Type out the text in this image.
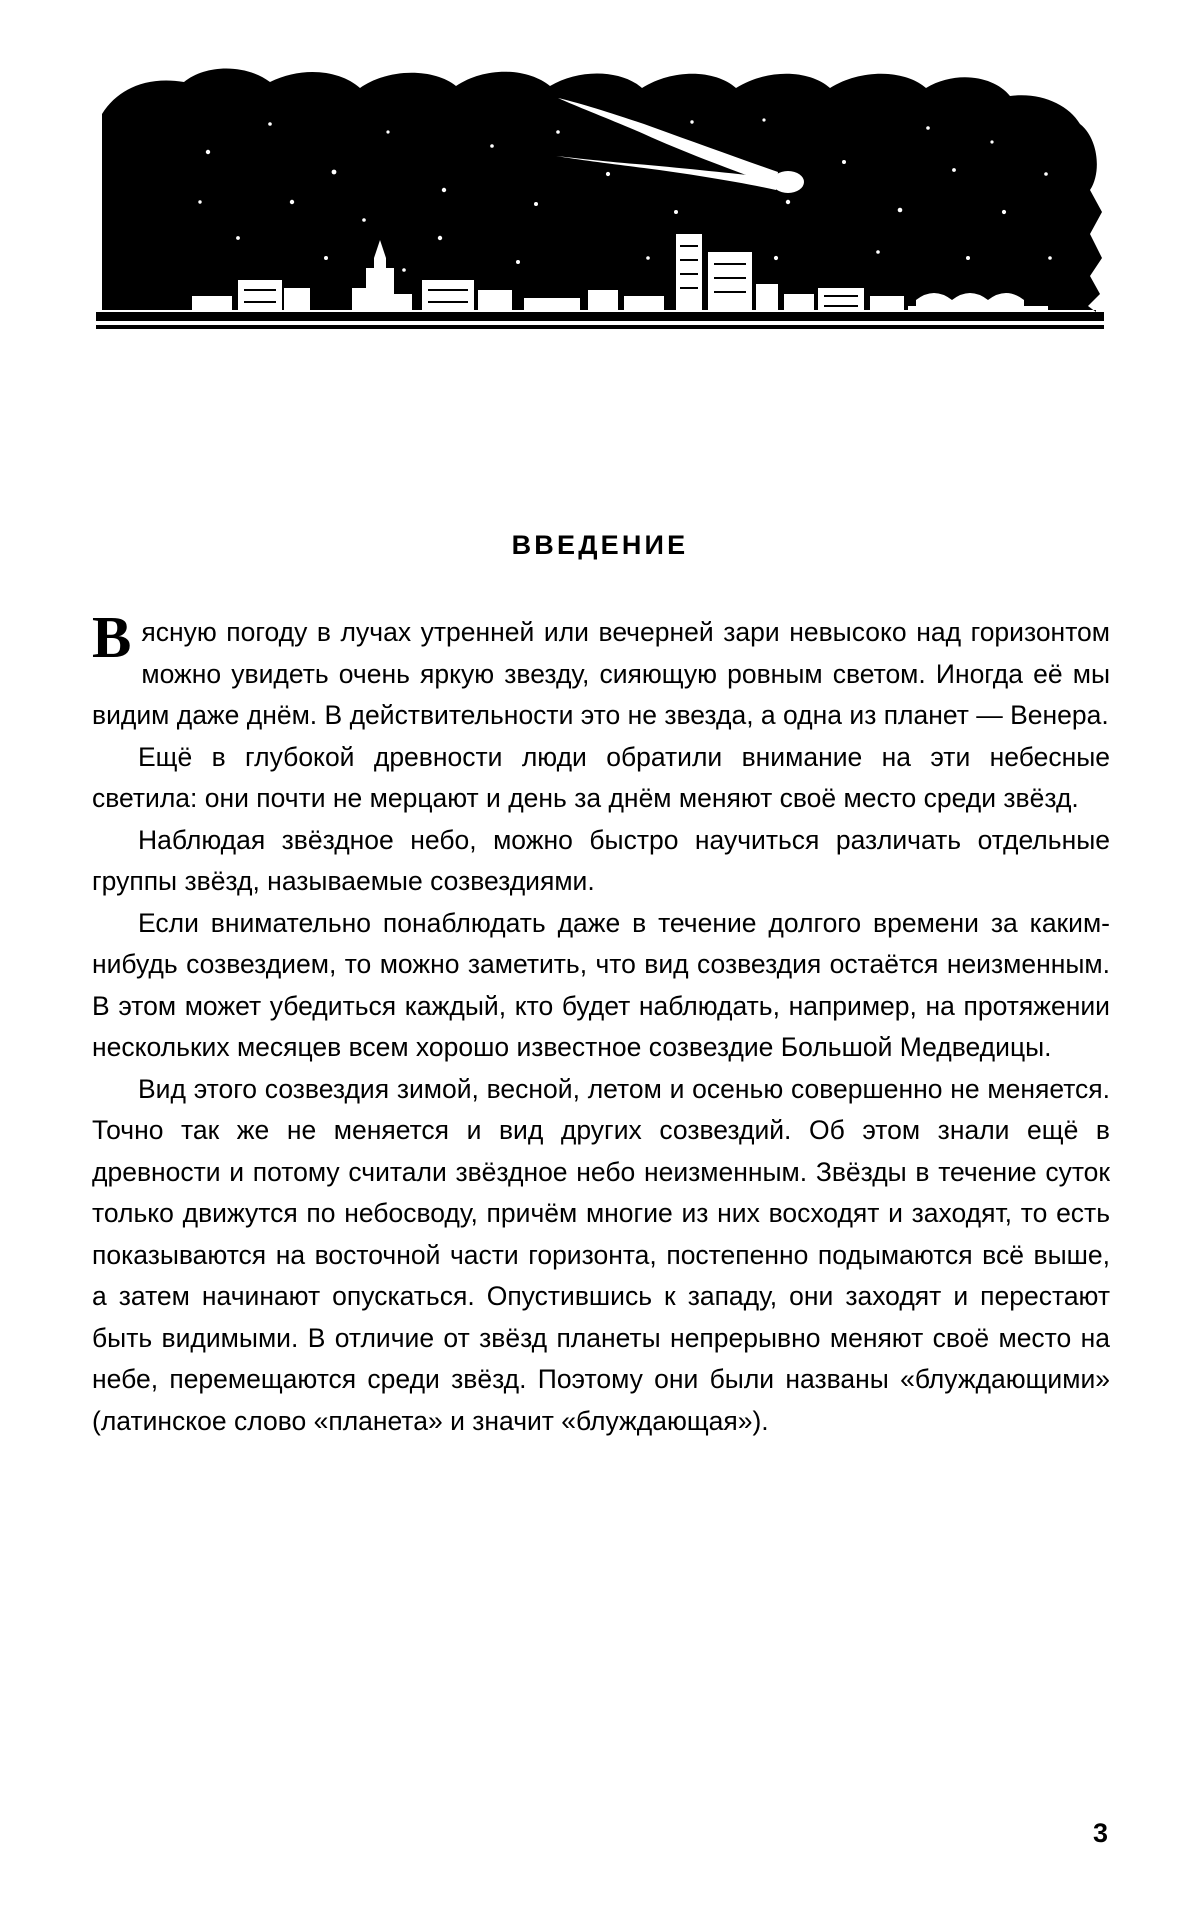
ВВЕДЕНИЕ

В ясную погоду в лучах утренней или вечерней зари невысоко над горизонтом можно увидеть очень яркую звезду, сияющую ровным светом. Иногда её мы видим даже днём. В действительности это не звезда, а одна из планет — Венера.

Ещё в глубокой древности люди обратили внимание на эти небесные светила: они почти не мерцают и день за днём меняют своё место среди звёзд.

Наблюдая звёздное небо, можно быстро научиться различать отдельные группы звёзд, называемые созвездиями.

Если внимательно понаблюдать даже в течение долгого времени за каким-нибудь созвездием, то можно заметить, что вид созвездия остаётся неизменным. В этом может убедиться каждый, кто будет наблюдать, например, на протяжении нескольких месяцев всем хорошо известное созвездие Большой Медведицы.

Вид этого созвездия зимой, весной, летом и осенью совершенно не меняется. Точно так же не меняется и вид других созвездий. Об этом знали ещё в древности и потому считали звёздное небо неизменным. Звёзды в течение суток только движутся по небосводу, причём многие из них восходят и заходят, то есть показываются на восточной части горизонта, постепенно подымаются всё выше, а затем начинают опускаться. Опустившись к западу, они заходят и перестают быть видимыми. В отличие от звёзд планеты непрерывно меняют своё место на небе, перемещаются среди звёзд. Поэтому они были названы «блуждающими» (латинское слово «планета» и значит «блуждающая»).

3
